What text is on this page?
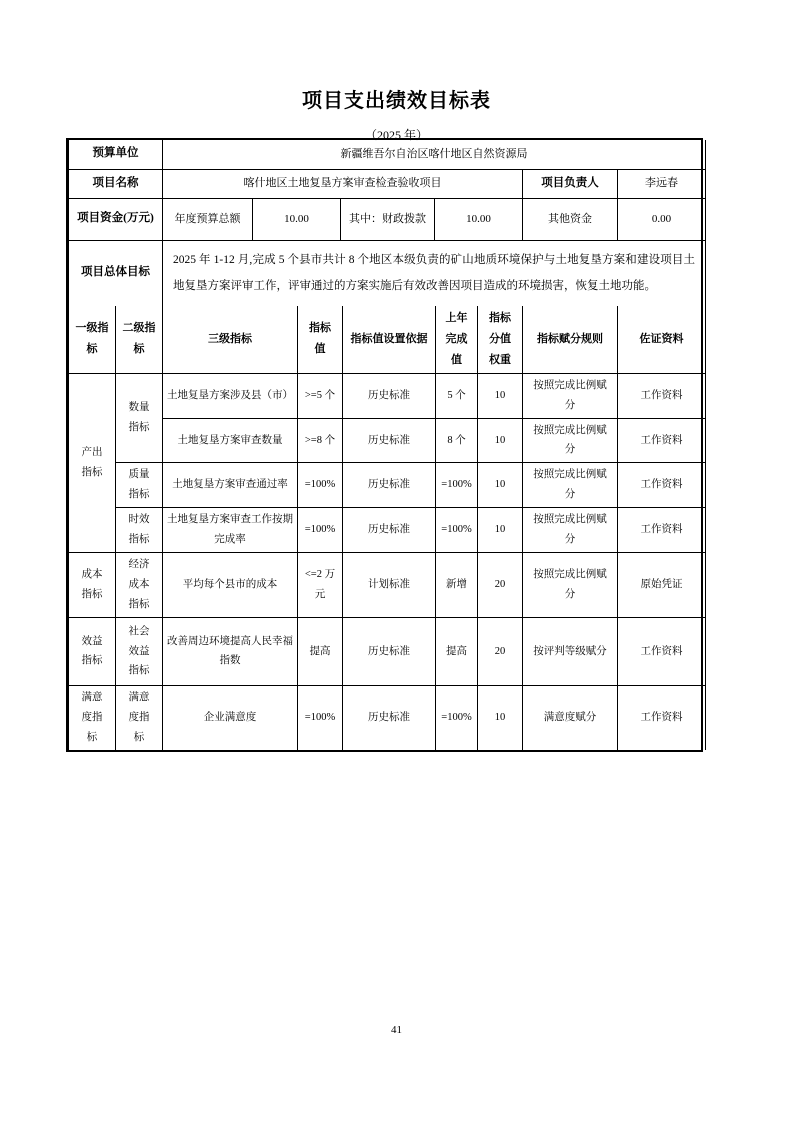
项目支出绩效目标表
（2025 年）
预算单位	新疆维吾尔自治区喀什地区自然资源局					
项目名称	喀什地区土地复垦方案审查检查验收项目				项目负责人	李远春
项目资金(万元)	年度预算总额	10.00	其中：财政拨款	10.00	其他资金	0.00
项目总体目标	2025 年 1-12 月,完成 5 个县市共计 8 个地区本级负责的矿山地质环境保护与土地复垦方案和建设项目土地复垦方案评审工作，评审通过的方案实施后有效改善因项目造成的环境损害，恢复土地功能。					
一级指标	二级指标	三级指标	指标值	指标值设置依据	上年完成值	指标分值权重	指标赋分规则	佐证资料
产出指标	数量指标	土地复垦方案涉及县（市）	>=5 个	历史标准	5 个	10	按照完成比例赋分	工作资料
		土地复垦方案审查数量	>=8 个	历史标准	8 个	10	按照完成比例赋分	工作资料
	质量指标	土地复垦方案审查通过率	=100%	历史标准	=100%	10	按照完成比例赋分	工作资料
	时效指标	土地复垦方案审查工作按期完成率	=100%	历史标准	=100%	10	按照完成比例赋分	工作资料
成本指标	经济成本指标	平均每个县市的成本	<=2 万元	计划标准	新增	20	按照完成比例赋分	原始凭证
效益指标	社会效益指标	改善周边环境提高人民幸福指数	提高	历史标准	提高	20	按评判等级赋分	工作资料
满意度指标	满意度指标	企业满意度	=100%	历史标准	=100%	10	满意度赋分	工作资料
41
